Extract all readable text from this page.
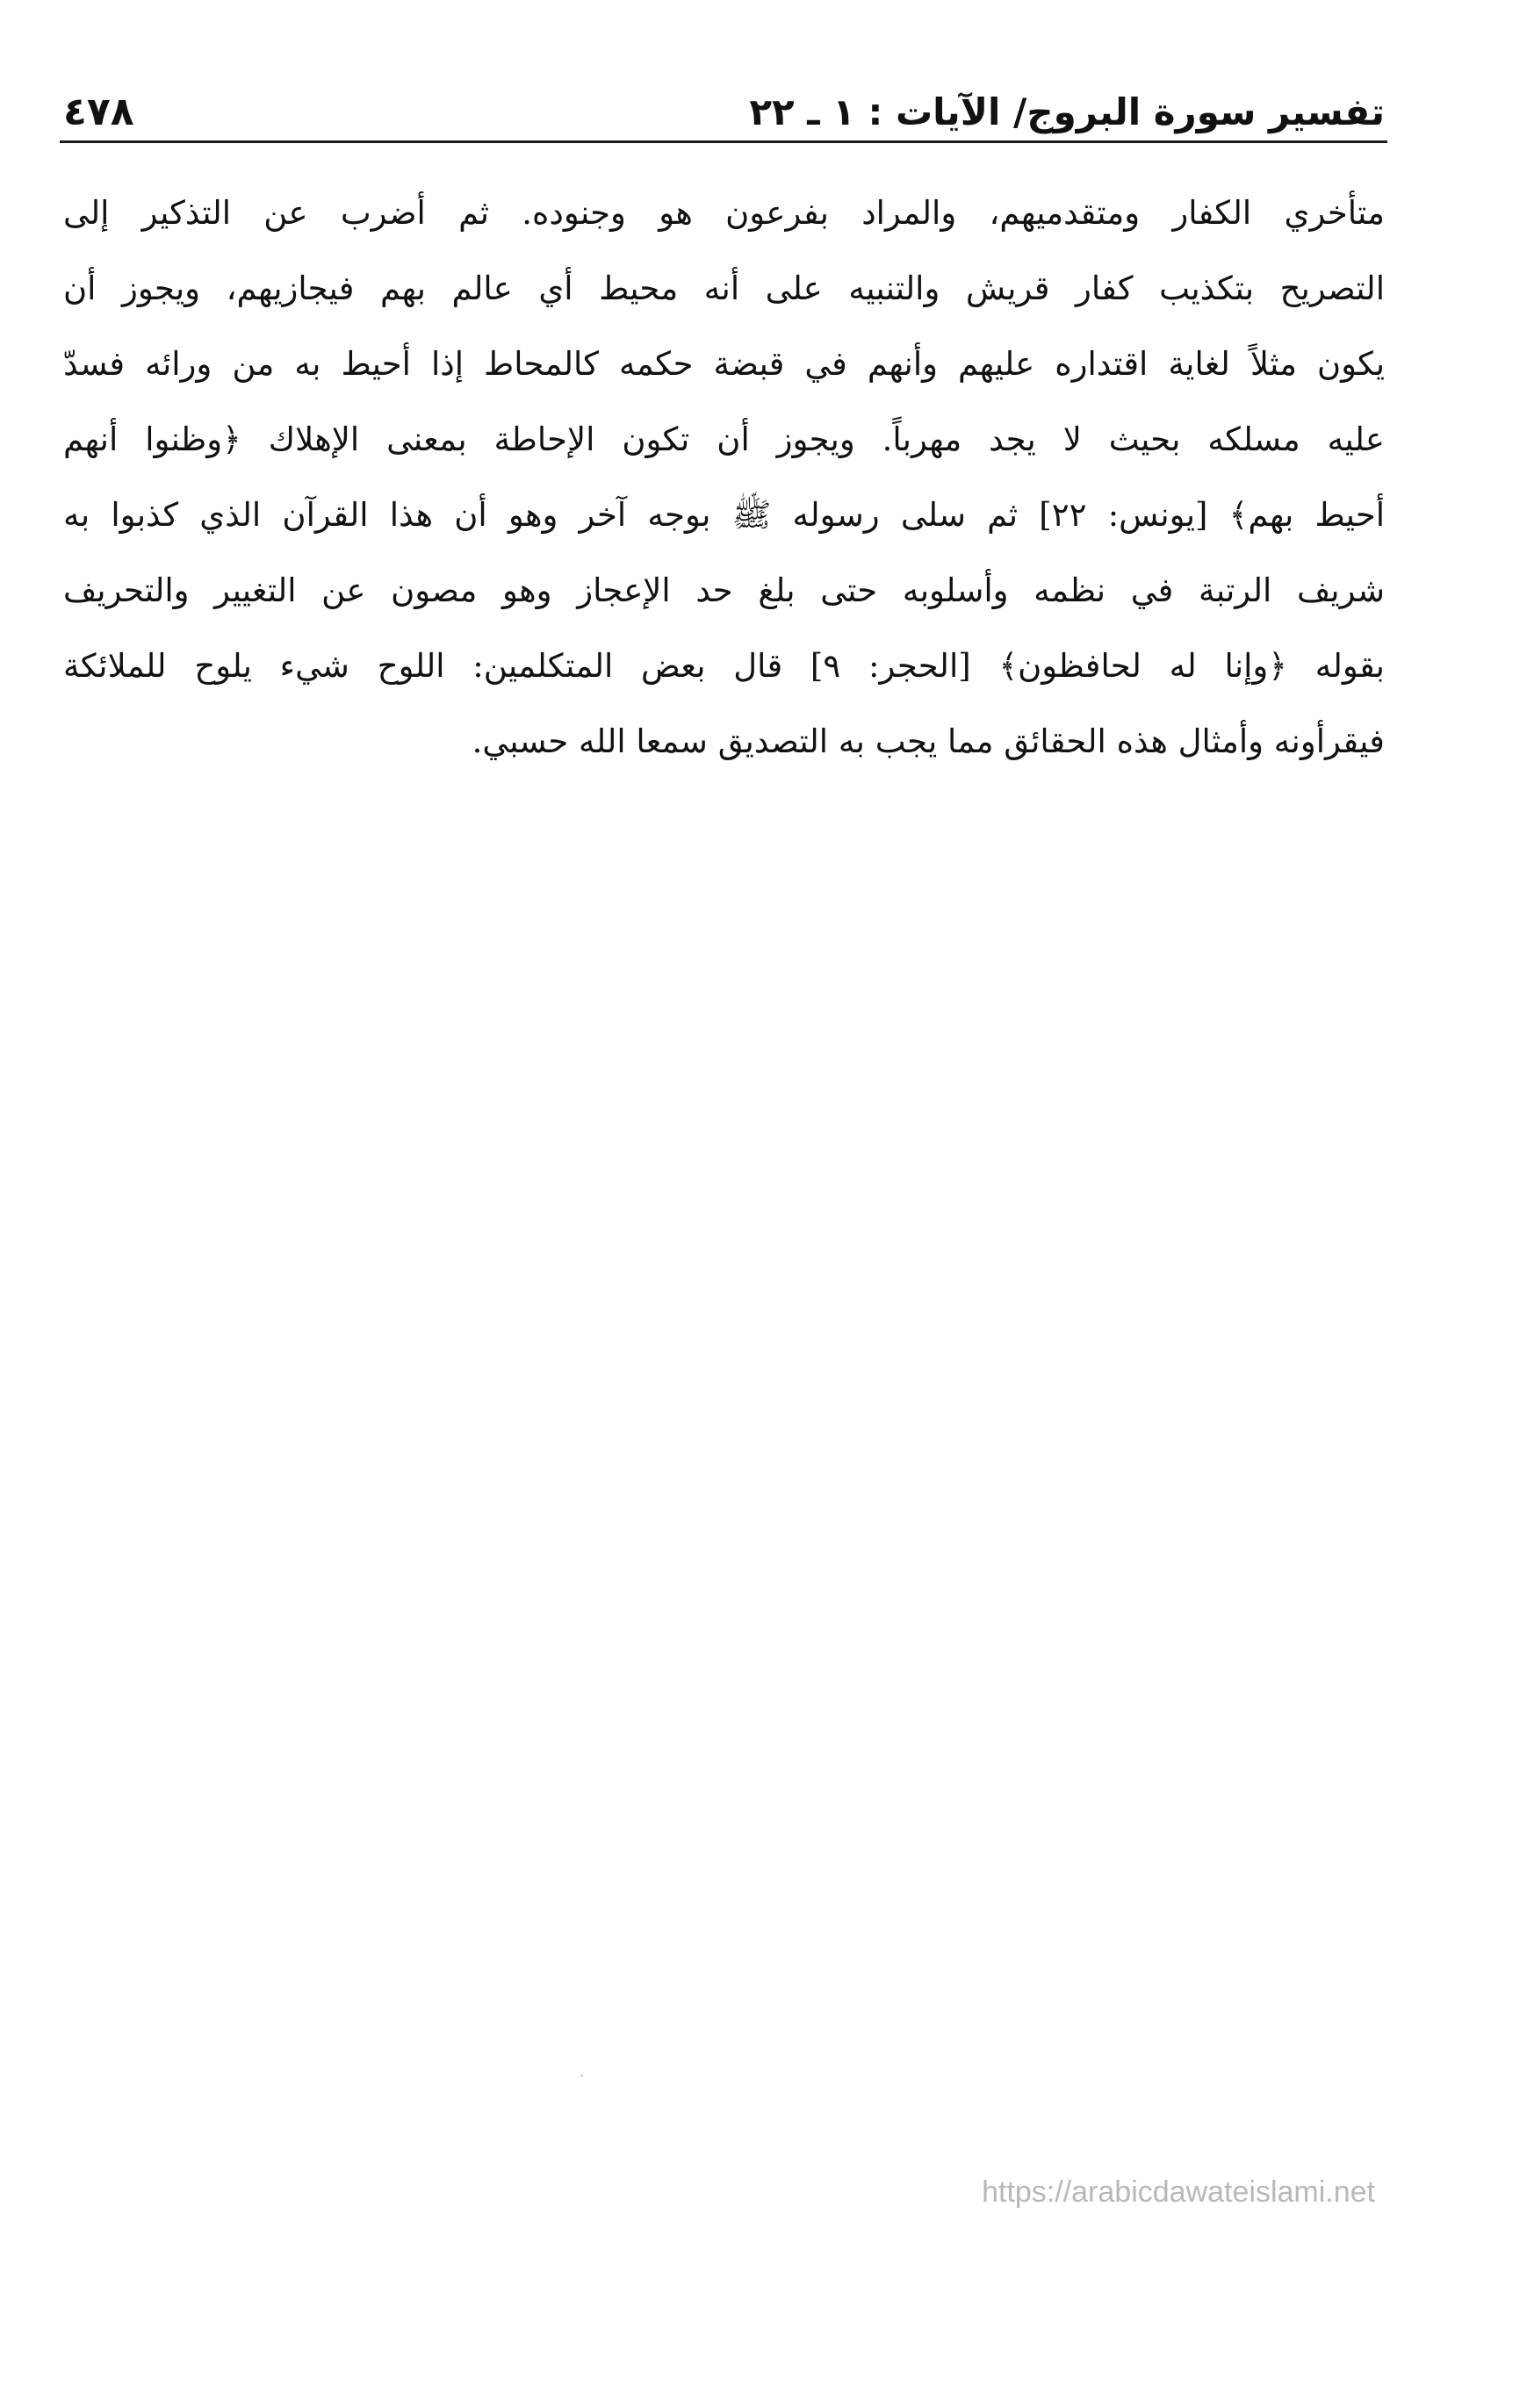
تفسير سورة البروج/ الآيات : ١ ـ ٢٢
٤٧٨
متأخري الكفار ومتقدميهم، والمراد بفرعون هو وجنوده. ثم أضرب عن التذكير إلى
التصريح بتكذيب كفار قريش والتنبيه على أنه محيط أي عالم بهم فيجازيهم، ويجوز أن
يكون مثلاً لغاية اقتداره عليهم وأنهم في قبضة حكمه كالمحاط إذا أحيط به من ورائه فسدّ
عليه مسلكه بحيث لا يجد مهرباً. ويجوز أن تكون الإحاطة بمعنى الإهلاك ﴿وظنوا أنهم
أحيط بهم﴾ [يونس: ٢٢] ثم سلى رسوله ﷺ بوجه آخر وهو أن هذا القرآن الذي كذبوا به
شريف الرتبة في نظمه وأسلوبه حتى بلغ حد الإعجاز وهو مصون عن التغيير والتحريف
بقوله ﴿وإنا له لحافظون﴾ [الحجر: ٩] قال بعض المتكلمين: اللوح شيء يلوح للملائكة
فيقرأونه وأمثال هذه الحقائق مما يجب به التصديق سمعا الله حسبي.
https://arabicdawateislami.net
